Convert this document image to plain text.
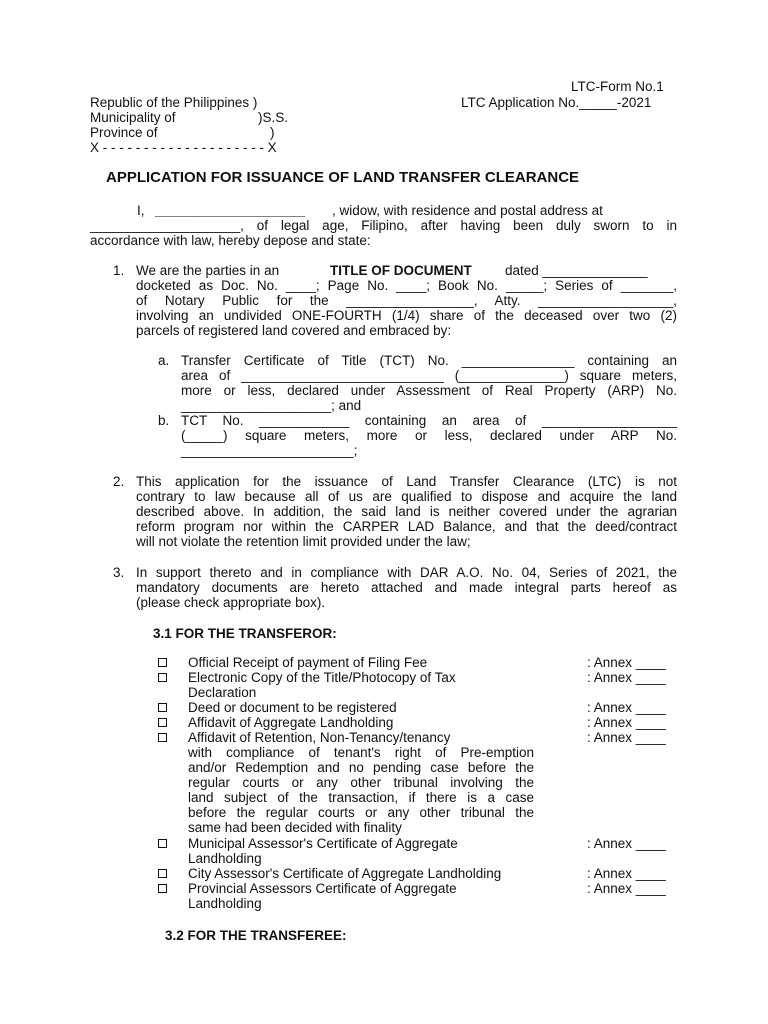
LTC-Form No.1
LTC Application No._____-2021
Republic of the Philippines )
Municipality of	)S.S.
Province of	)
X - - - - - - - - - - - - - - - - - - - - X
APPLICATION FOR ISSUANCE OF LAND TRANSFER CLEARANCE
I, ____________________ , widow, with residence and postal address at
____________________, of legal age, Filipino, after having been duly sworn to in
accordance with law, hereby depose and state:
1. We are the parties in an	TITLE OF DOCUMENT dated ______________
docketed as Doc. No. ____; Page No. ____; Book No. _____; Series of _______,
of Notary Public for the _________________, Atty. __________________,
involving an undivided ONE-FOURTH (1/4) share of the deceased over two (2)
parcels of registered land covered and embraced by:
a. Transfer Certificate of Title (TCT) No. _______________ containing an
area of ___________________________ (______________) square meters,
more or less, declared under Assessment of Real Property (ARP) No.
____________________; and
b. TCT No. ____________ containing an area of __________________
(_____) square meters, more or less, declared under ARP No.
_______________________;
2. This application for the issuance of Land Transfer Clearance (LTC) is not
contrary to law because all of us are qualified to dispose and acquire the land
described above. In addition, the said land is neither covered under the agrarian
reform program nor within the CARPER LAD Balance, and that the deed/contract
will not violate the retention limit provided under the law;
3. In support thereto and in compliance with DAR A.O. No. 04, Series of 2021, the
mandatory documents are hereto attached and made integral parts hereof as
(please check appropriate box).
3.1 FOR THE TRANSFEROR:
Official Receipt of payment of Filing Fee	: Annex ____
Electronic Copy of the Title/Photocopy of Tax
Declaration
: Annex ____
Deed or document to be registered	: Annex ____
Affidavit of Aggregate Landholding	: Annex ____
Affidavit of Retention, Non-Tenancy/tenancy
with compliance of tenant's right of Pre-emption
and/or Redemption and no pending case before the
regular courts or any other tribunal involving the
land subject of the transaction, if there is a case
before the regular courts or any other tribunal the
same had been decided with finality
: Annex ____
Municipal Assessor's Certificate of Aggregate
Landholding
: Annex ____
City Assessor's Certificate of Aggregate Landholding	: Annex ____
Provincial Assessors Certificate of Aggregate
Landholding
: Annex ____
3.2 FOR THE TRANSFEREE:
